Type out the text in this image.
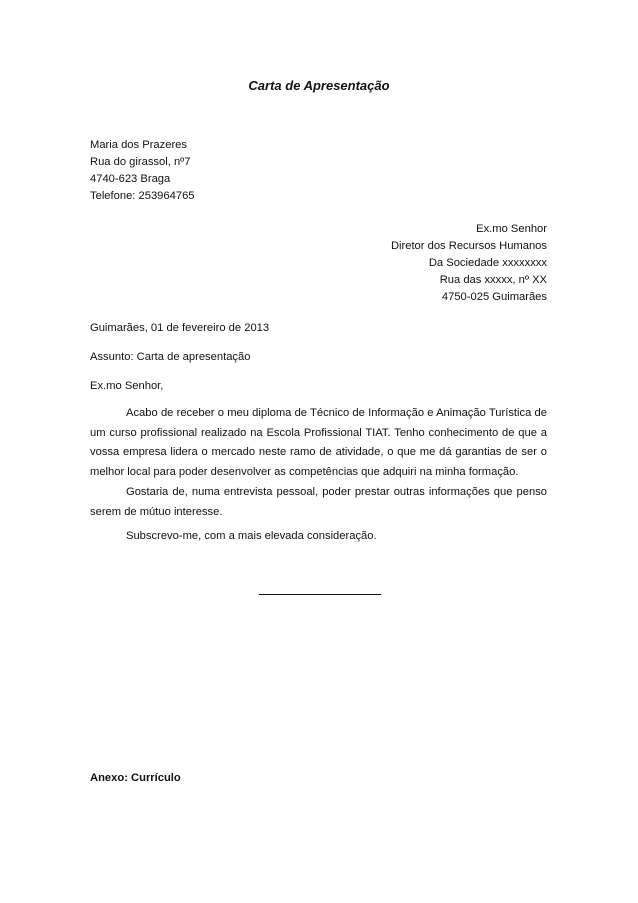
Carta de Apresentação
Maria dos Prazeres
Rua do girassol, nº7
4740-623 Braga
Telefone: 253964765
Ex.mo Senhor
Diretor dos Recursos Humanos
Da Sociedade xxxxxxxx
Rua das xxxxx, nº XX
4750-025 Guimarães
Guimarães, 01 de fevereiro de 2013
Assunto: Carta de apresentação
Ex.mo Senhor,

Acabo de receber o meu diploma de Técnico de Informação e Animação Turística de um curso profissional realizado na Escola Profissional TIAT. Tenho conhecimento de que a vossa empresa lidera o mercado neste ramo de atividade, o que me dá garantias de ser o melhor local para poder desenvolver as competências que adquiri na minha formação.

Gostaria de, numa entrevista pessoal, poder prestar outras informações que penso serem de mútuo interesse.

Subscrevo-me, com a mais elevada consideração.

Anexo: Currículo
